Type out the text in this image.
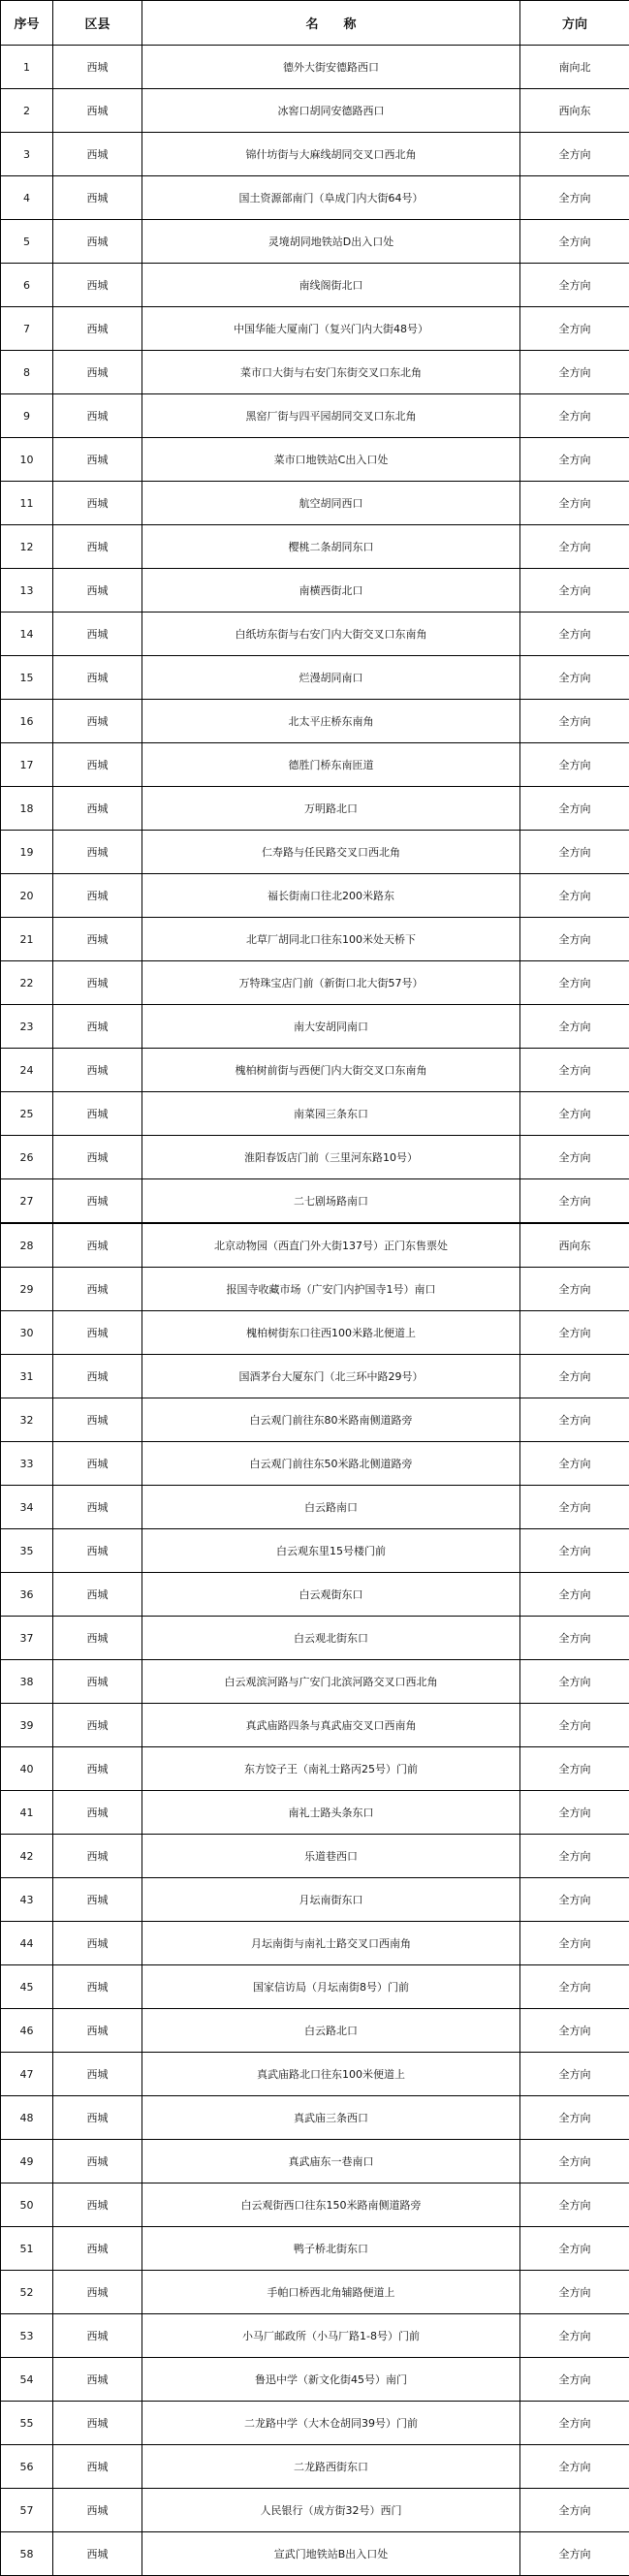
序号	区县	名　　称	方向
1	西城	德外大街安德路西口	南向北
2	西城	冰窖口胡同安德路西口	西向东
3	西城	锦什坊街与大麻线胡同交叉口西北角	全方向
4	西城	国土资源部南门（阜成门内大街64号）	全方向
5	西城	灵境胡同地铁站D出入口处	全方向
6	西城	南线阁街北口	全方向
7	西城	中国华能大厦南门（复兴门内大街48号）	全方向
8	西城	菜市口大街与右安门东街交叉口东北角	全方向
9	西城	黑窑厂街与四平园胡同交叉口东北角	全方向
10	西城	菜市口地铁站C出入口处	全方向
11	西城	航空胡同西口	全方向
12	西城	樱桃二条胡同东口	全方向
13	西城	南横西街北口	全方向
14	西城	白纸坊东街与右安门内大街交叉口东南角	全方向
15	西城	烂漫胡同南口	全方向
16	西城	北太平庄桥东南角	全方向
17	西城	德胜门桥东南匝道	全方向
18	西城	万明路北口	全方向
19	西城	仁寿路与任民路交叉口西北角	全方向
20	西城	福长街南口往北200米路东	全方向
21	西城	北草厂胡同北口往东100米处天桥下	全方向
22	西城	万特珠宝店门前（新街口北大街57号）	全方向
23	西城	南大安胡同南口	全方向
24	西城	槐柏树前街与西便门内大街交叉口东南角	全方向
25	西城	南菜园三条东口	全方向
26	西城	淮阳春饭店门前（三里河东路10号）	全方向
27	西城	二七剧场路南口	全方向
28	西城	北京动物园（西直门外大街137号）正门东售票处	西向东
29	西城	报国寺收藏市场（广安门内护国寺1号）南口	全方向
30	西城	槐柏树街东口往西100米路北便道上	全方向
31	西城	国酒茅台大厦东门（北三环中路29号）	全方向
32	西城	白云观门前往东80米路南侧道路旁	全方向
33	西城	白云观门前往东50米路北侧道路旁	全方向
34	西城	白云路南口	全方向
35	西城	白云观东里15号楼门前	全方向
36	西城	白云观街东口	全方向
37	西城	白云观北街东口	全方向
38	西城	白云观滨河路与广安门北滨河路交叉口西北角	全方向
39	西城	真武庙路四条与真武庙交叉口西南角	全方向
40	西城	东方饺子王（南礼士路丙25号）门前	全方向
41	西城	南礼士路头条东口	全方向
42	西城	乐道巷西口	全方向
43	西城	月坛南街东口	全方向
44	西城	月坛南街与南礼士路交叉口西南角	全方向
45	西城	国家信访局（月坛南街8号）门前	全方向
46	西城	白云路北口	全方向
47	西城	真武庙路北口往东100米便道上	全方向
48	西城	真武庙三条西口	全方向
49	西城	真武庙东一巷南口	全方向
50	西城	白云观街西口往东150米路南侧道路旁	全方向
51	西城	鸭子桥北街东口	全方向
52	西城	手帕口桥西北角辅路便道上	全方向
53	西城	小马厂邮政所（小马厂路1-8号）门前	全方向
54	西城	鲁迅中学（新文化街45号）南门	全方向
55	西城	二龙路中学（大木仓胡同39号）门前	全方向
56	西城	二龙路西街东口	全方向
57	西城	人民银行（成方街32号）西门	全方向
58	西城	宣武门地铁站B出入口处	全方向
